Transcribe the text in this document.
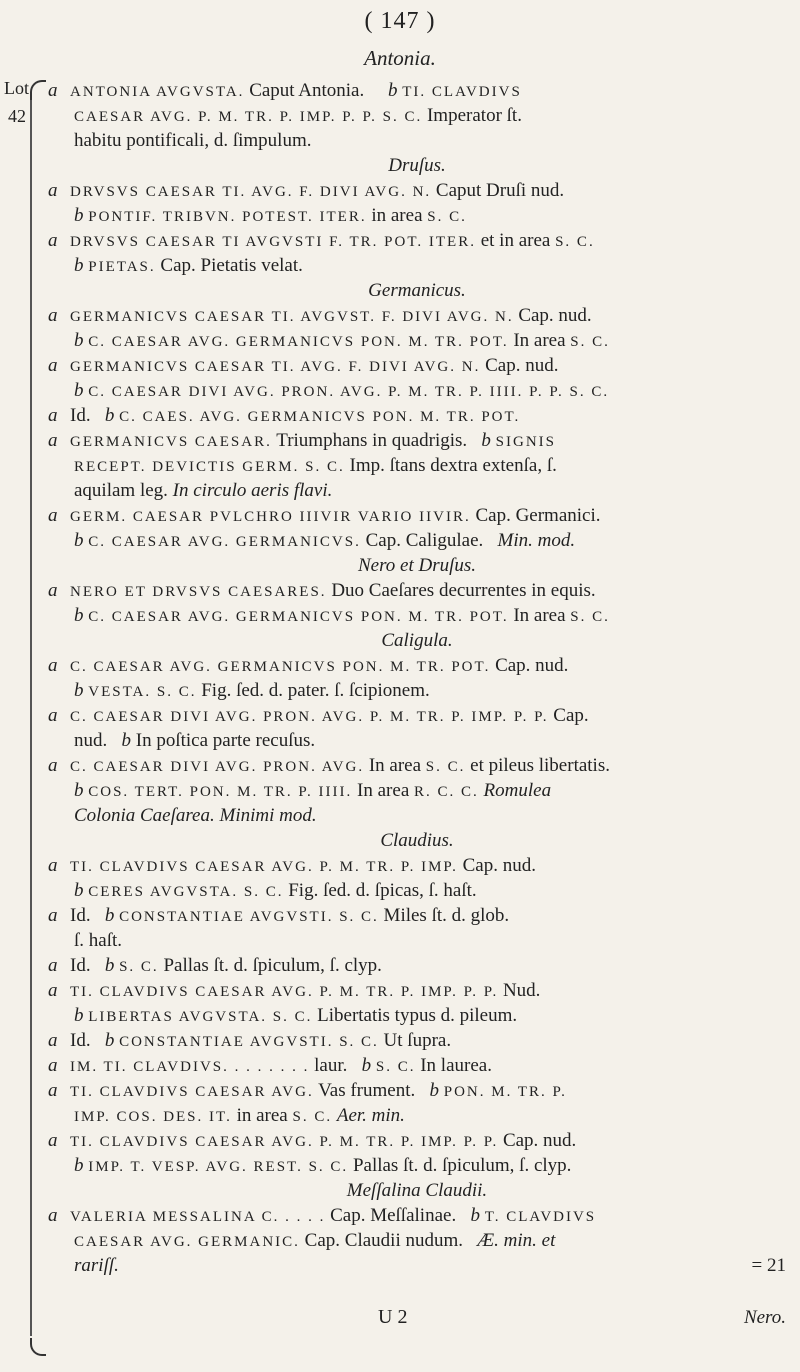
( 147 )
Antonia.
Lot
42
a ANTONIA AVGVSTA. Caput Antonia.     b TI. CLAVDIVS
CAESAR AVG. P. M. TR. P. IMP. P. P. S. C. Imperator ſt.
habitu pontificali, d. ſimpulum.
Druſus.
a DRVSVS CAESAR TI. AVG. F. DIVI AVG. N. Caput Druſi nud.
b PONTIF. TRIBVN. POTEST. ITER. in area S. C.
a DRVSVS CAESAR TI AVGVSTI F. TR. POT. ITER. et in area S. C.
b PIETAS. Cap. Pietatis velat.
Germanicus.
a GERMANICVS CAESAR TI. AVGVST. F. DIVI AVG. N. Cap. nud.
b C. CAESAR AVG. GERMANICVS PON. M. TR. POT. In area S. C.
a GERMANICVS CAESAR TI. AVG. F. DIVI AVG. N. Cap. nud.
b C. CAESAR DIVI AVG. PRON. AVG. P. M. TR. P. IIII. P. P. S. C.
a Id.   b C. CAES. AVG. GERMANICVS PON. M. TR. POT.
a GERMANICVS CAESAR. Triumphans in quadrigis.   b SIGNIS
RECEPT. DEVICTIS GERM. S. C. Imp. ſtans dextra extenſa, ſ.
aquilam leg. In circulo aeris flavi.
a GERM. CAESAR PVLCHRO IIIVIR VARIO IIVIR. Cap. Germanici.
b C. CAESAR AVG. GERMANICVS. Cap. Caligulae.   Min. mod.
Nero et Druſus.
a NERO ET DRVSVS CAESARES. Duo Caeſares decurrentes in equis.
b C. CAESAR AVG. GERMANICVS PON. M. TR. POT. In area S. C.
Caligula.
a C. CAESAR AVG. GERMANICVS PON. M. TR. POT. Cap. nud.
b VESTA. S. C. Fig. ſed. d. pater. ſ. ſcipionem.
a C. CAESAR DIVI AVG. PRON. AVG. P. M. TR. P. IMP. P. P. Cap.
nud.   b In poſtica parte recuſus.
a C. CAESAR DIVI AVG. PRON. AVG. In area S. C. et pileus libertatis.
b COS. TERT. PON. M. TR. P. IIII. In area R. C. C. Romulea
Colonia Caeſarea. Minimi mod.
Claudius.
a TI. CLAVDIVS CAESAR AVG. P. M. TR. P. IMP. Cap. nud.
b CERES AVGVSTA. S. C. Fig. ſed. d. ſpicas, ſ. haſt.
a Id.   b CONSTANTIAE AVGVSTI. S. C. Miles ſt. d. glob.
ſ. haſt.
a Id.   b S. C. Pallas ſt. d. ſpiculum, ſ. clyp.
a TI. CLAVDIVS CAESAR AVG. P. M. TR. P. IMP. P. P. Nud.
b LIBERTAS AVGVSTA. S. C. Libertatis typus d. pileum.
a Id.   b CONSTANTIAE AVGVSTI. S. C. Ut ſupra.
a IM. TI. CLAVDIVS. . . . . . . . laur.   b S. C. In laurea.
a TI. CLAVDIVS CAESAR AVG. Vas frument.   b PON. M. TR. P.
IMP. COS. DES. IT. in area S. C. Aer. min.
a TI. CLAVDIVS CAESAR AVG. P. M. TR. P. IMP. P. P. Cap. nud.
b IMP. T. VESP. AVG. REST. S. C. Pallas ſt. d. ſpiculum, ſ. clyp.
Meſſalina Claudii.
a VALERIA MESSALINA C. . . . . Cap. Meſſalinae.   b T. CLAVDIVS
CAESAR AVG. GERMANIC. Cap. Claudii nudum.   Æ. min. et
rariſſ.	= 21
U 2	Nero.
